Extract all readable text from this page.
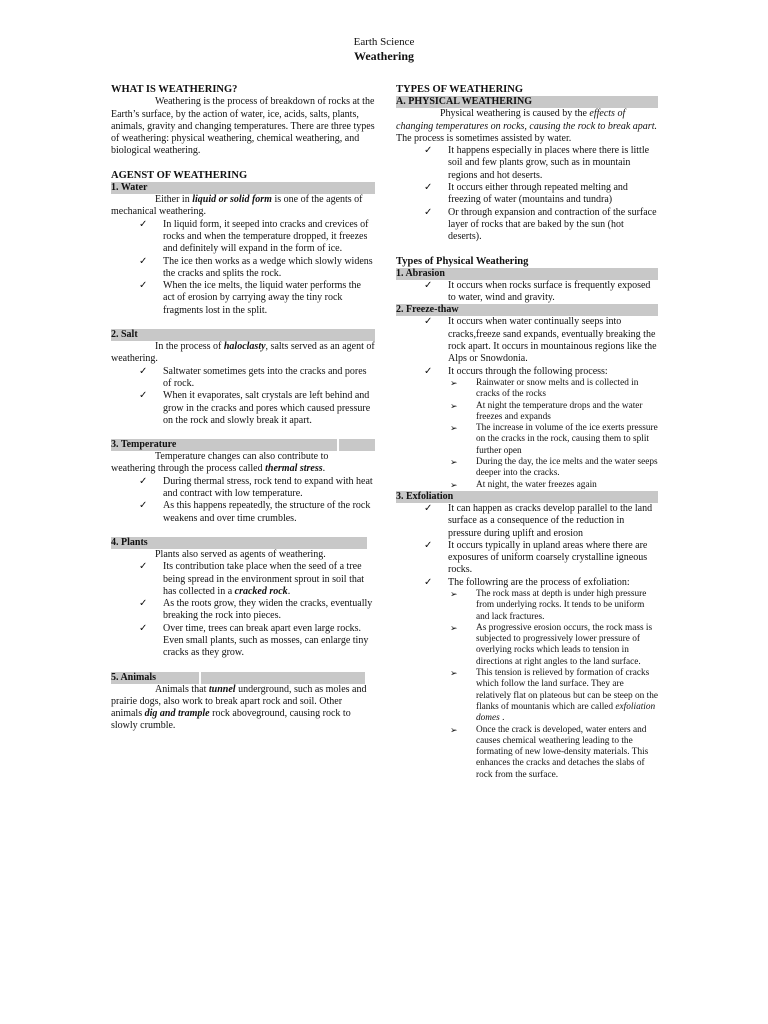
Earth Science
Weathering
WHAT IS WEATHERING?

Weathering is the process of breakdown of rocks at the Earth’s surface, by the action of water, ice, acids, salts, plants, animals, gravity and changing temperatures. There are three types of weathering: physical weathering, chemical weathering, and biological weathering.

AGENST OF WEATHERING
1. Water

Either in liquid or solid form is one of the agents of mechanical weathering.

✓ In liquid form, it seeped into cracks and crevices of rocks and when the temperature dropped, it freezes and definitely will expand in the form of ice.
✓ The ice then works as a wedge which slowly widens the cracks and splits the rock.
✓ When the ice melts, the liquid water performs the act of erosion by carrying away the tiny rock fragments lost in the split.
2. Salt

In the process of haloclasty, salts served as an agent of weathering.

✓ Saltwater sometimes gets into the cracks and pores of rock.
✓ When it evaporates, salt crystals are left behind and grow in the cracks and pores which caused pressure on the rock and slowly break it apart.
3. Temperature

Temperature changes can also contribute to weathering through the process called thermal stress.

✓ During thermal stress, rock tend to expand with heat and contract with low temperature.
✓ As this happens repeatedly, the structure of the rock weakens and over time crumbles.
4. Plants

Plants also served as agents of weathering.

✓ Its contribution take place when the seed of a tree being spread in the environment sprout in soil that has collected in a cracked rock.
✓ As the roots grow, they widen the cracks, eventually breaking the rock into pieces.
✓ Over time, trees can break apart even large rocks. Even small plants, such as mosses, can enlarge tiny cracks as they grow.
5. Animals

Animals that tunnel underground, such as moles and prairie dogs, also work to break apart rock and soil. Other animals dig and trample rock aboveground, causing rock to slowly crumble.

TYPES OF WEATHERING
A. PHYSICAL WEATHERING

Physical weathering is caused by the effects of changing temperatures on rocks, causing the rock to break apart. The process is sometimes assisted by water.

✓ It happens especially in places where there is little soil and few plants grow, such as in mountain regions and hot deserts.
✓ It occurs either through repeated melting and freezing of water (mountains and tundra)
✓ Or through expansion and contraction of the surface layer of rocks that are baked by the sun (hot deserts).
Types of Physical Weathering
1. Abrasion
✓ It occurs when rocks surface is frequently exposed to water, wind and gravity.
2. Freeze-thaw
✓ It occurs when water continually seeps into cracks,freeze sand expands, eventually breaking the rock apart. It occurs in mountainous regions like the Alps or Snowdonia.
✓ It occurs through the following process:
➢ Rainwater or snow melts and is collected in cracks of the rocks
➢ At night the temperature drops and the water freezes and expands
➢ The increase in volume of the ice exerts pressure on the cracks in the rock, causing them to split further open
➢ During the day, the ice melts and the water seeps deeper into the cracks.
➢ At night, the water freezes again
3. Exfoliation
✓ It can happen as cracks develop parallel to the land surface as a consequence of the reduction in pressure during uplift and erosion
✓ It occurs typically in upland areas where there are exposures of uniform coarsely crystalline igneous rocks.
✓ The followring are the process of exfoliation:
➢ The rock mass at depth is under high pressure from underlying rocks. It tends to be uniform and lack fractures.
➢ As progressive erosion occurs, the rock mass is subjected to progressively lower pressure of overlying rocks which leads to tension in directions at right angles to the land surface.
➢ This tension is relieved by formation of cracks which follow the land surface. They are relatively flat on plateous but can be steep on the flanks of mountanis which are called exfoliation domes .
➢ Once the crack is developed, water enters and causes chemical weathering leading to the formating of new lowe-density materials. This enhances the cracks and detaches the slabs of rock from the surface.
